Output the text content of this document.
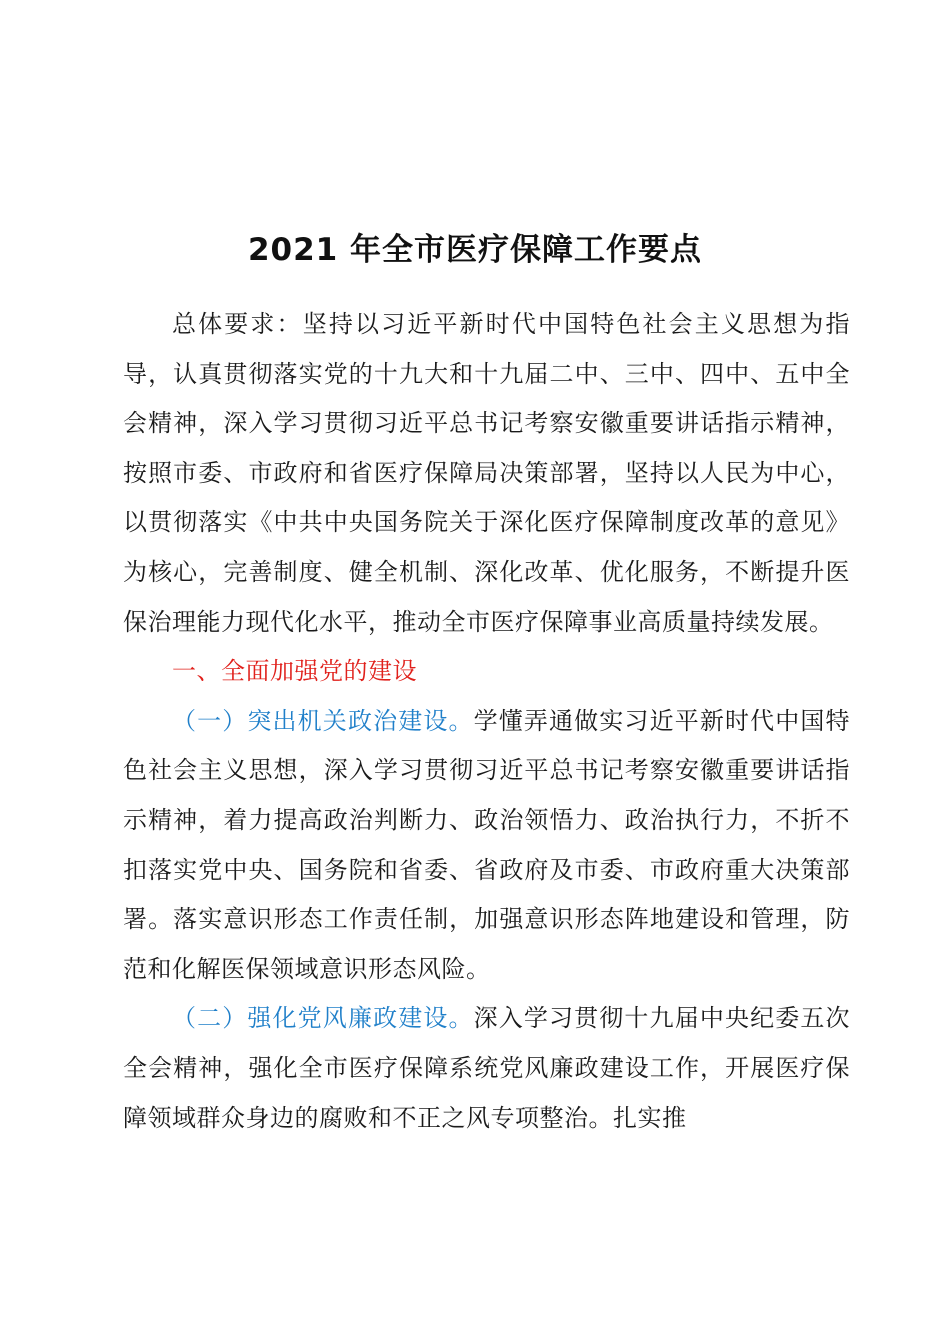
2021 年全市医疗保障工作要点

总体要求：坚持以习近平新时代中国特色社会主义思想为指导，认真贯彻落实党的十九大和十九届二中、三中、四中、五中全会精神，深入学习贯彻习近平总书记考察安徽重要讲话指示精神，按照市委、市政府和省医疗保障局决策部署，坚持以人民为中心，以贯彻落实《中共中央国务院关于深化医疗保障制度改革的意见》为核心，完善制度、健全机制、深化改革、优化服务，不断提升医保治理能力现代化水平，推动全市医疗保障事业高质量持续发展。

一、全面加强党的建设

（一）突出机关政治建设。学懂弄通做实习近平新时代中国特色社会主义思想，深入学习贯彻习近平总书记考察安徽重要讲话指示精神，着力提高政治判断力、政治领悟力、政治执行力，不折不扣落实党中央、国务院和省委、省政府及市委、市政府重大决策部署。落实意识形态工作责任制，加强意识形态阵地建设和管理，防范和化解医保领域意识形态风险。

（二）强化党风廉政建设。深入学习贯彻十九届中央纪委五次全会精神，强化全市医疗保障系统党风廉政建设工作，开展医疗保障领域群众身边的腐败和不正之风专项整治。扎实推
